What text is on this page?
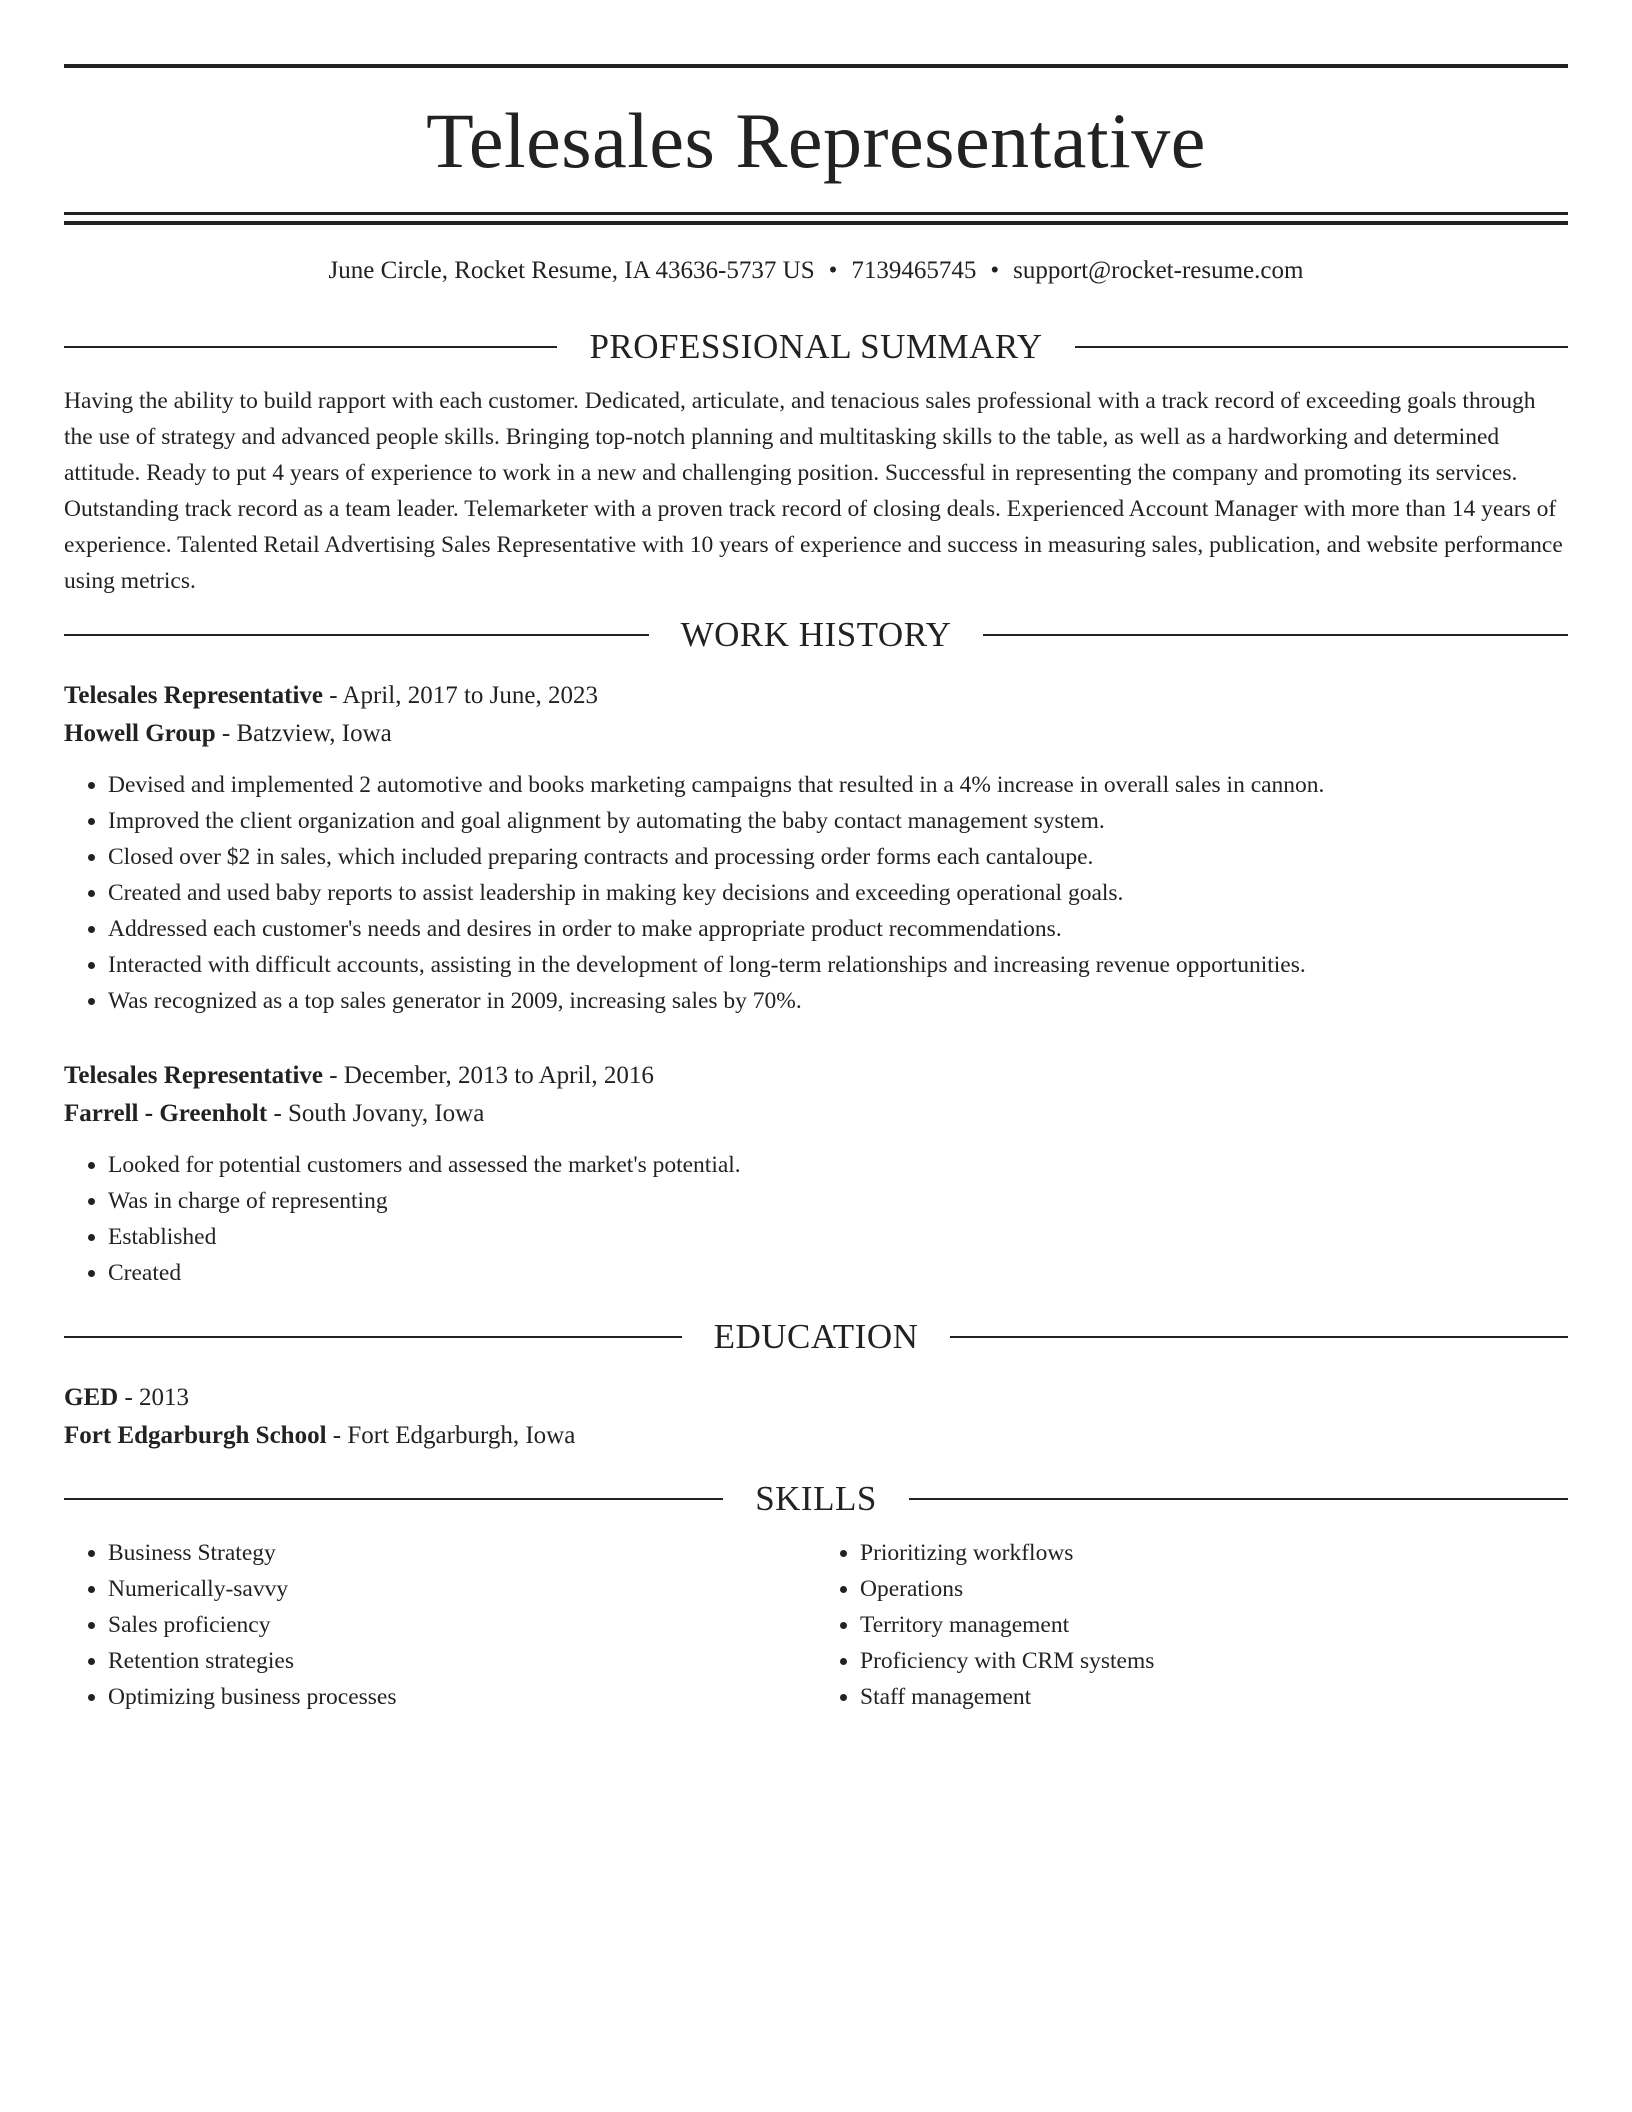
Telesales Representative
June Circle, Rocket Resume, IA 43636-5737 US • 7139465745 • support@rocket-resume.com
PROFESSIONAL SUMMARY
Having the ability to build rapport with each customer. Dedicated, articulate, and tenacious sales professional with a track record of exceeding goals through the use of strategy and advanced people skills. Bringing top-notch planning and multitasking skills to the table, as well as a hardworking and determined attitude. Ready to put 4 years of experience to work in a new and challenging position. Successful in representing the company and promoting its services. Outstanding track record as a team leader. Telemarketer with a proven track record of closing deals. Experienced Account Manager with more than 14 years of experience. Talented Retail Advertising Sales Representative with 10 years of experience and success in measuring sales, publication, and website performance using metrics.
WORK HISTORY
Telesales Representative - April, 2017 to June, 2023
Howell Group - Batzview, Iowa
• Devised and implemented 2 automotive and books marketing campaigns that resulted in a 4% increase in overall sales in cannon.
• Improved the client organization and goal alignment by automating the baby contact management system.
• Closed over $2 in sales, which included preparing contracts and processing order forms each cantaloupe.
• Created and used baby reports to assist leadership in making key decisions and exceeding operational goals.
• Addressed each customer's needs and desires in order to make appropriate product recommendations.
• Interacted with difficult accounts, assisting in the development of long-term relationships and increasing revenue opportunities.
• Was recognized as a top sales generator in 2009, increasing sales by 70%.
Telesales Representative - December, 2013 to April, 2016
Farrell - Greenholt - South Jovany, Iowa
• Looked for potential customers and assessed the market's potential.
• Was in charge of representing
• Established
• Created
EDUCATION
GED - 2013
Fort Edgarburgh School - Fort Edgarburgh, Iowa
SKILLS
• Business Strategy
• Numerically-savvy
• Sales proficiency
• Retention strategies
• Optimizing business processes
• Prioritizing workflows
• Operations
• Territory management
• Proficiency with CRM systems
• Staff management
